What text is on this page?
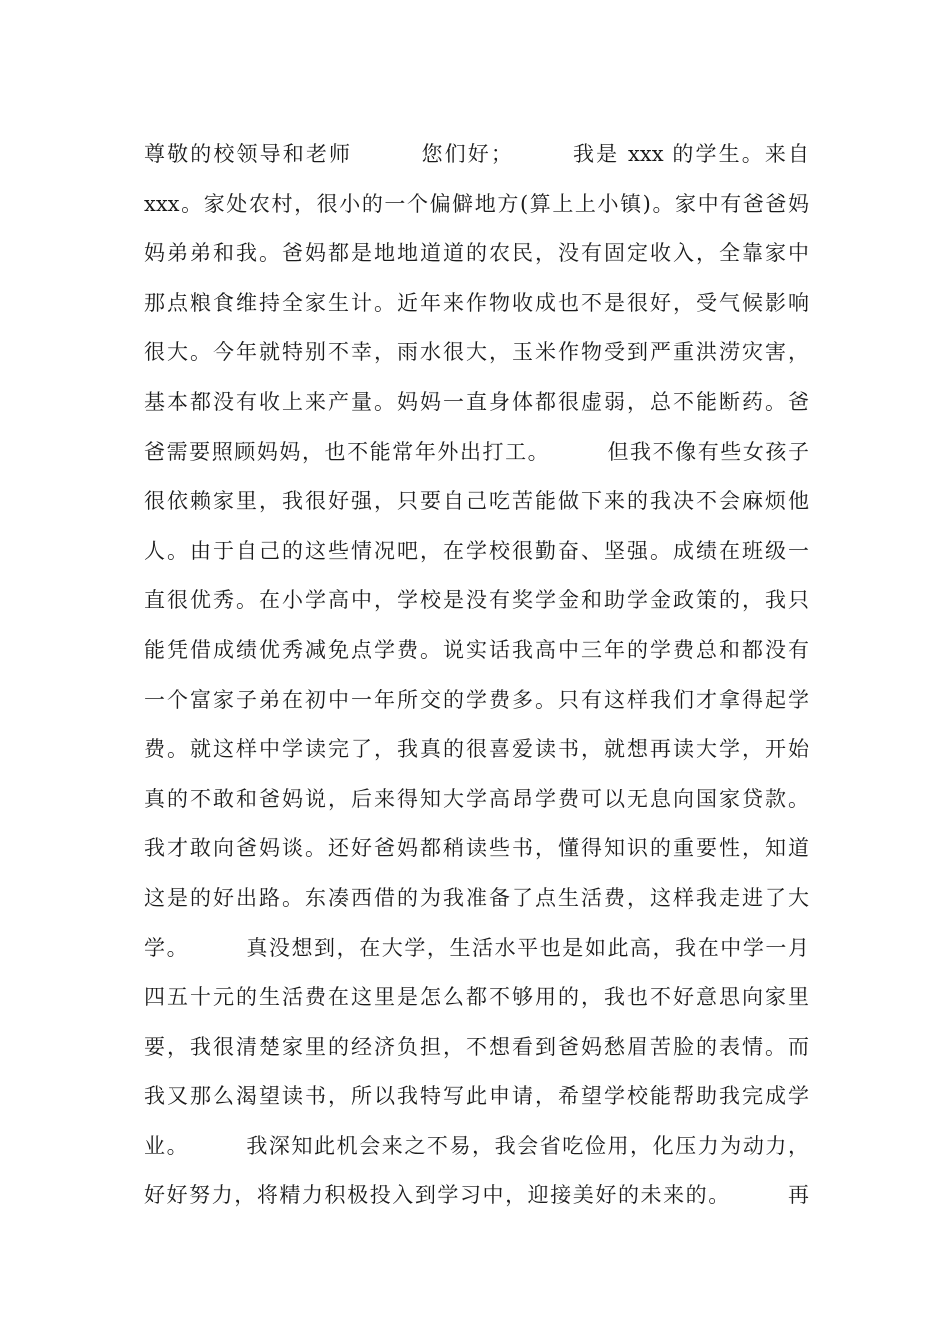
尊敬的校领导和老师　　　您们好；　　　我是 xxx 的学生。来自
xxx。家处农村，很小的一个偏僻地方(算上上小镇)。家中有爸爸妈
妈弟弟和我。爸妈都是地地道道的农民，没有固定收入，全靠家中
那点粮食维持全家生计。近年来作物收成也不是很好，受气候影响
很大。今年就特别不幸，雨水很大，玉米作物受到严重洪涝灾害，
基本都没有收上来产量。妈妈一直身体都很虚弱，总不能断药。爸
爸需要照顾妈妈，也不能常年外出打工。　　　但我不像有些女孩子
很依赖家里，我很好强，只要自己吃苦能做下来的我决不会麻烦他
人。由于自己的这些情况吧，在学校很勤奋、坚强。成绩在班级一
直很优秀。在小学高中，学校是没有奖学金和助学金政策的，我只
能凭借成绩优秀减免点学费。说实话我高中三年的学费总和都没有
一个富家子弟在初中一年所交的学费多。只有这样我们才拿得起学
费。就这样中学读完了，我真的很喜爱读书，就想再读大学，开始
真的不敢和爸妈说，后来得知大学高昂学费可以无息向国家贷款。
我才敢向爸妈谈。还好爸妈都稍读些书，懂得知识的重要性，知道
这是的好出路。东凑西借的为我准备了点生活费，这样我走进了大
学。　　　真没想到，在大学，生活水平也是如此高，我在中学一月
四五十元的生活费在这里是怎么都不够用的，我也不好意思向家里
要，我很清楚家里的经济负担，不想看到爸妈愁眉苦脸的表情。而
我又那么渴望读书，所以我特写此申请，希望学校能帮助我完成学
业。　　　我深知此机会来之不易，我会省吃俭用，化压力为动力，
好好努力，将精力积极投入到学习中，迎接美好的未来的。　　　再
